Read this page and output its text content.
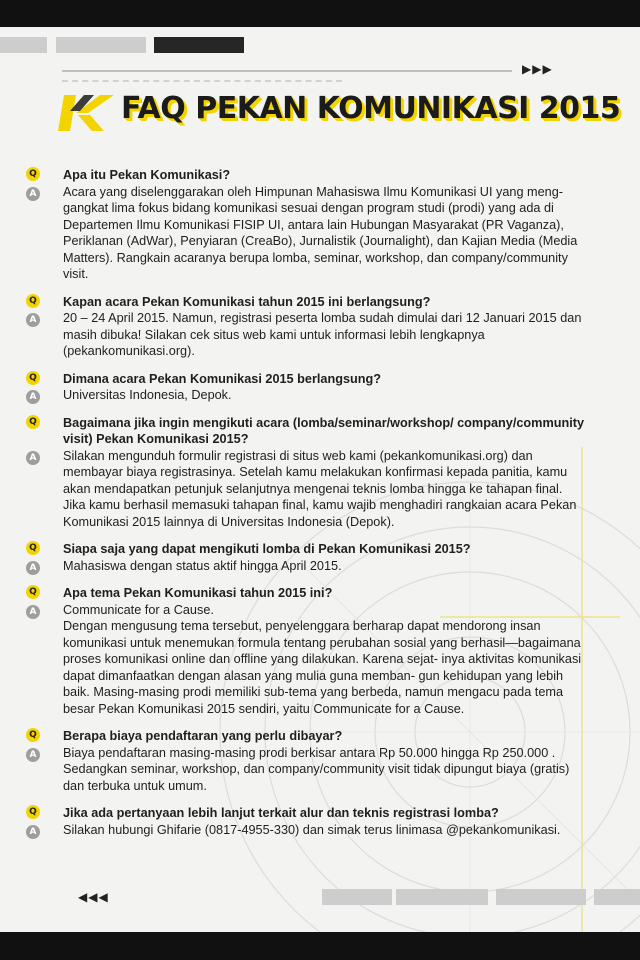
▶▶▶
FAQ PEKAN KOMUNIKASI 2015
Q Apa itu Pekan Komunikasi?
A Acara yang diselenggarakan oleh Himpunan Mahasiswa Ilmu Komunikasi UI yang meng- gangkat lima fokus bidang komunikasi sesuai dengan program studi (prodi) yang ada di Departemen Ilmu Komunikasi FISIP UI, antara lain Hubungan Masyarakat (PR Vaganza), Periklanan (AdWar), Penyiaran (CreaBo), Jurnalistik (Journalight), dan Kajian Media (Media Matters). Rangkain acaranya berupa lomba, seminar, workshop, dan company/community visit.

Q Kapan acara Pekan Komunikasi tahun 2015 ini berlangsung?
A 20 – 24 April 2015. Namun, registrasi peserta lomba sudah dimulai dari 12 Januari 2015 dan masih dibuka! Silakan cek situs web kami untuk informasi lebih lengkapnya (pekankomunikasi.org).

Q Dimana acara Pekan Komunikasi 2015 berlangsung?
A Universitas Indonesia, Depok.

Q Bagaimana jika ingin mengikuti acara (lomba/seminar/workshop/ company/community visit) Pekan Komunikasi 2015?
A Silakan mengunduh formulir registrasi di situs web kami (pekankomunikasi.org) dan membayar biaya registrasinya. Setelah kamu melakukan konfirmasi kepada panitia, kamu akan mendapatkan petunjuk selanjutnya mengenai teknis lomba hingga ke tahapan final. Jika kamu berhasil memasuki tahapan final, kamu wajib menghadiri rangkaian acara Pekan Komunikasi 2015 lainnya di Universitas Indonesia (Depok).

Q Siapa saja yang dapat mengikuti lomba di Pekan Komunikasi 2015?
A Mahasiswa dengan status aktif hingga April 2015.

Q Apa tema Pekan Komunikasi tahun 2015 ini?
A Communicate for a Cause.

Dengan mengusung tema tersebut, penyelenggara berharap dapat mendorong insan komunikasi untuk menemukan formula tentang perubahan sosial yang berhasil—bagaimana proses komunikasi online dan offline yang dilakukan. Karena sejat- inya aktivitas komunikasi dapat dimanfaatkan dengan alasan yang mulia guna memban- gun kehidupan yang lebih baik. Masing-masing prodi memiliki sub-tema yang berbeda, namun mengacu pada tema besar Pekan Komunikasi 2015 sendiri, yaitu Communicate for a Cause.

Q Berapa biaya pendaftaran yang perlu dibayar?
A Biaya pendaftaran masing-masing prodi berkisar antara Rp 50.000 hingga Rp 250.000 . Sedangkan seminar, workshop, dan company/community visit tidak dipungut biaya (gratis) dan terbuka untuk umum.

Q Jika ada pertanyaan lebih lanjut terkait alur dan teknis registrasi lomba?
A Silakan hubungi Ghifarie (0817-4955-330) dan simak terus linimasa @pekankomunikasi.

◀◀◀
